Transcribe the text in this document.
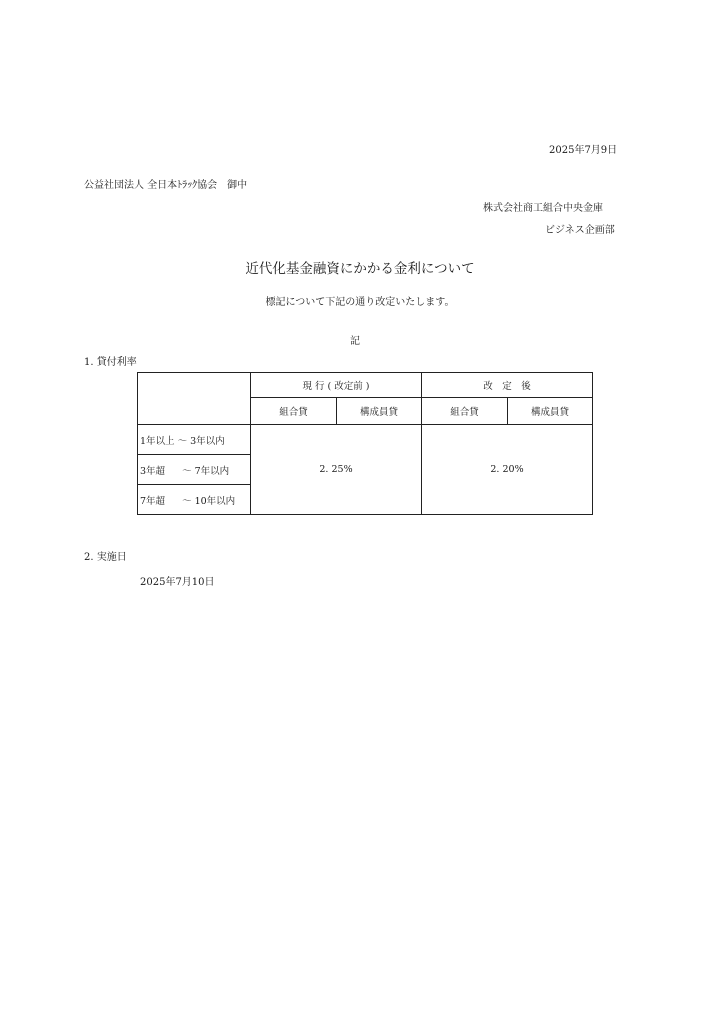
2025年7月9日
公益社団法人 全日本ﾄﾗｯｸ協会　御中
株式会社商工組合中央金庫
ビジネス企画部
近代化基金融資にかかる金利について
標記について下記の通り改定いたします。
記
1. 貸付利率
	現 行 ( 改定前 )		改　定　後	
	組合貸	構成員貸	組合貸	構成員貸
1年以上 ～ 3年以内	2. 25%		2. 20%	
3年超 ～ 7年以内				
7年超 ～ 10年以内				
2. 実施日
2025年7月10日
